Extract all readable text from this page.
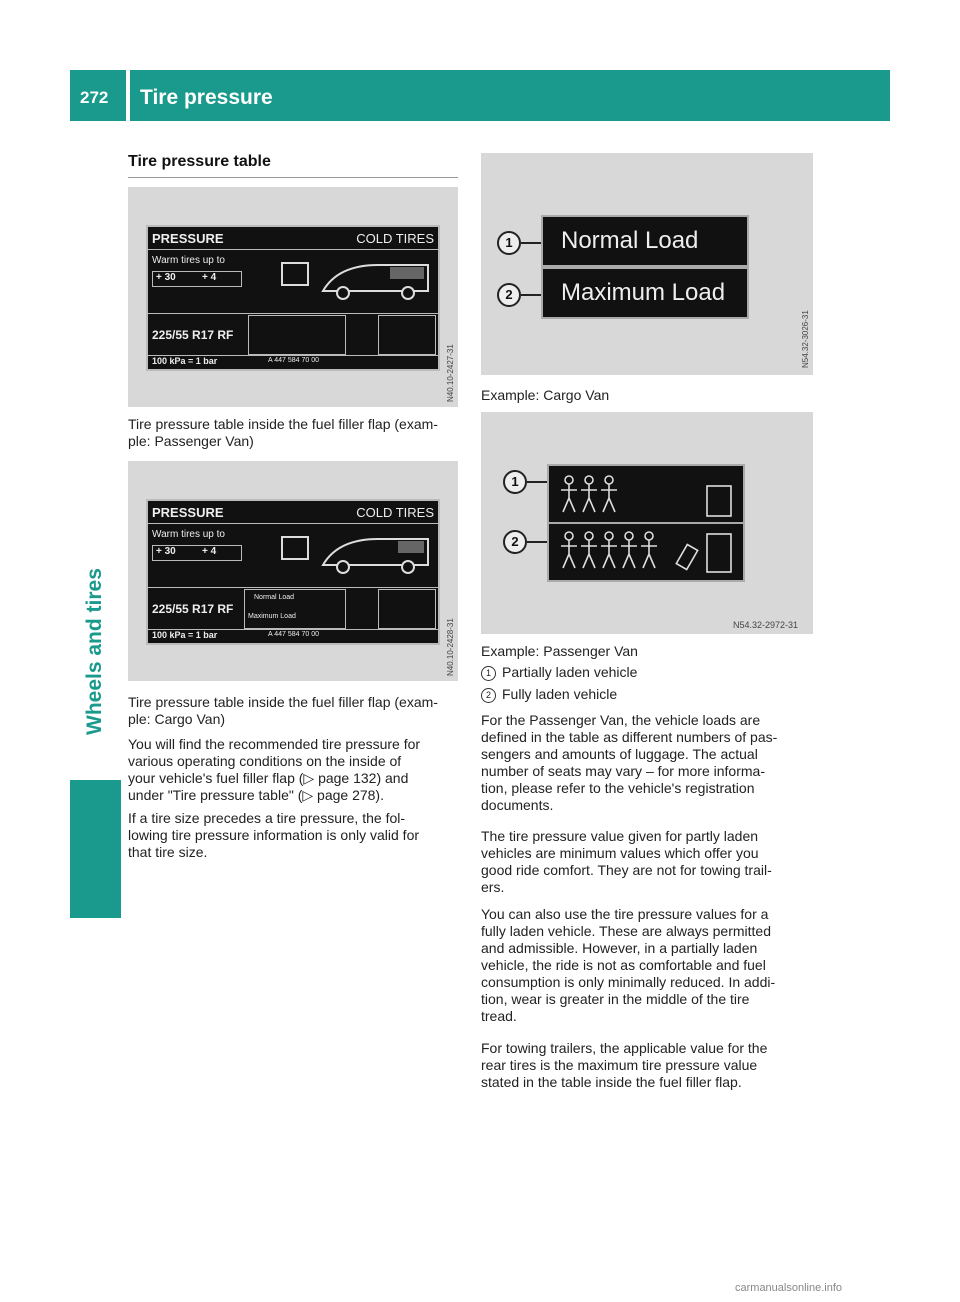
272 Tire pressure
Wheels and tires
Tire pressure table
PRESSURE	COLD TIRES
Warm tires up to
+ 30	+ 4
225/55 R17 RF
100 kPa = 1 bar	A 447 584 70 00	N40.10-2427-31
Tire pressure table inside the fuel filler flap (exam-
ple: Passenger Van)
PRESSURE	COLD TIRES
Warm tires up to
+ 30	+ 4
225/55 R17 RF
Normal Load
Maximum Load
100 kPa = 1 bar	A 447 584 70 00	N40.10-2428-31
Tire pressure table inside the fuel filler flap (exam-
ple: Cargo Van)
You will find the recommended tire pressure for
various operating conditions on the inside of
your vehicle's fuel filler flap (▷ page 132) and
under "Tire pressure table" (▷ page 278).
If a tire size precedes a tire pressure, the fol-
lowing tire pressure information is only valid for
that tire size.
1	Normal Load
2	Maximum Load
N54.32-3026-31
Example: Cargo Van
1
2
N54.32-2972-31
Example: Passenger Van
1 Partially laden vehicle
2 Fully laden vehicle
For the Passenger Van, the vehicle loads are
defined in the table as different numbers of pas-
sengers and amounts of luggage. The actual
number of seats may vary – for more informa-
tion, please refer to the vehicle's registration
documents.
The tire pressure value given for partly laden
vehicles are minimum values which offer you
good ride comfort. They are not for towing trail-
ers.
You can also use the tire pressure values for a
fully laden vehicle. These are always permitted
and admissible. However, in a partially laden
vehicle, the ride is not as comfortable and fuel
consumption is only minimally reduced. In addi-
tion, wear is greater in the middle of the tire
tread.
For towing trailers, the applicable value for the
rear tires is the maximum tire pressure value
stated in the table inside the fuel filler flap.
carmanualsonline.info
